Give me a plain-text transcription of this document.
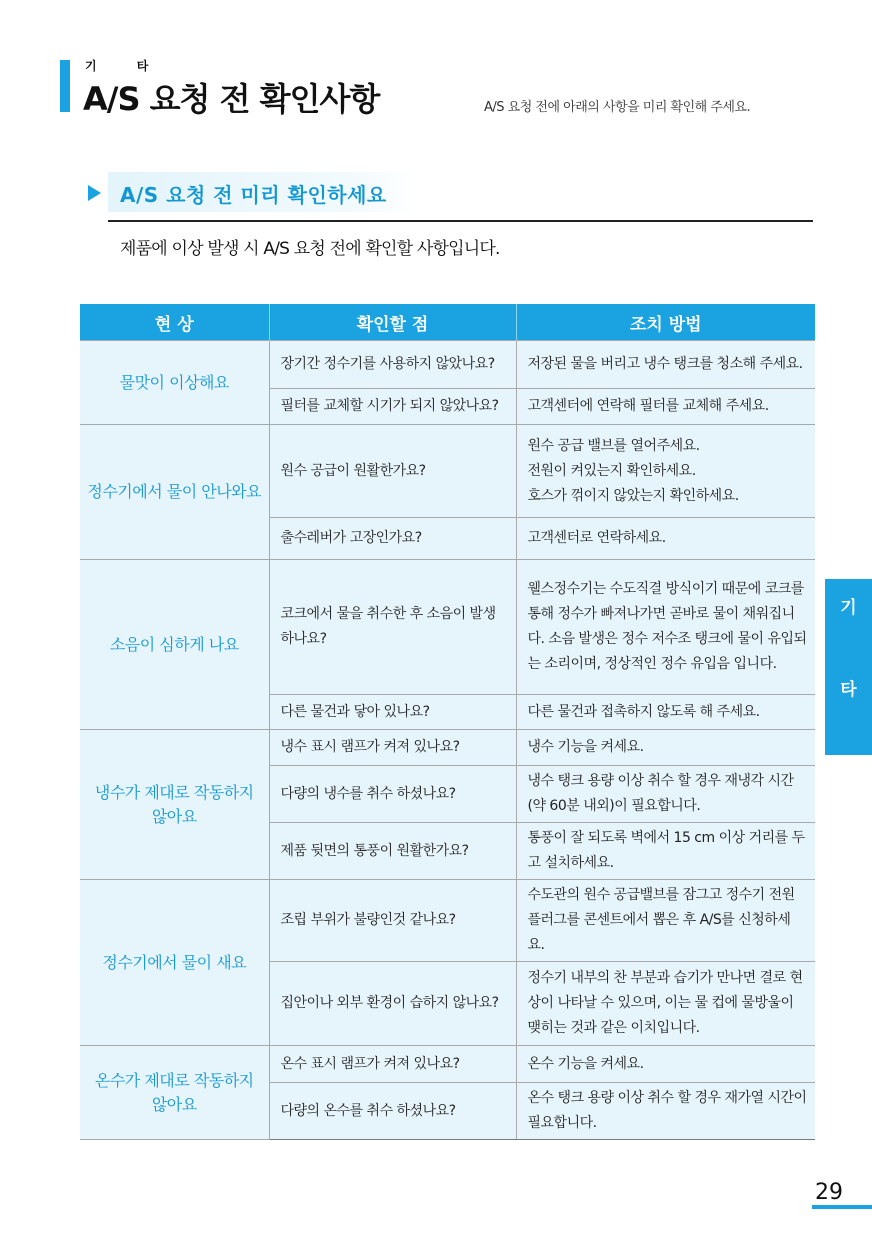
기 타
A/S 요청 전 확인사항	A/S 요청 전에 아래의 사항을 미리 확인해 주세요.
A/S 요청 전 미리 확인하세요
제품에 이상 발생 시 A/S 요청 전에 확인할 사항입니다.
현 상	확인할 점	조치 방법
물맛이 이상해요	장기간 정수기를 사용하지 않았나요?	저장된 물을 버리고 냉수 탱크를 청소해 주세요.

	필터를 교체할 시기가 되지 않았나요?	고객센터에 연락해 필터를 교체해 주세요.

정수기에서 물이 안나와요	원수 공급이 원활한가요?	원수 공급 밸브를 열어주세요.
전원이 켜있는지 확인하세요.
호스가 꺾이지 않았는지 확인하세요.

	출수레버가 고장인가요?	고객센터로 연락하세요.

소음이 심하게 나요	코크에서 물을 취수한 후 소음이 발생하나요?	웰스정수기는 수도직결 방식이기 때문에 코크를 통해 정수가 빠져나가면 곧바로 물이 채워집니다. 소음 발생은 정수 저수조 탱크에 물이 유입되는 소리이며, 정상적인 정수 유입음 입니다.

	다른 물건과 닿아 있나요?	다른 물건과 접촉하지 않도록 해 주세요.

냉수가 제대로 작동하지 않아요	냉수 표시 램프가 켜져 있나요?	냉수 기능을 켜세요.

	다량의 냉수를 취수 하셨나요?	냉수 탱크 용량 이상 취수 할 경우 재냉각 시간(약 60분 내외)이 필요합니다.

	제품 뒷면의 통풍이 원활한가요?	통풍이 잘 되도록 벽에서 15 cm 이상 거리를 두고 설치하세요.

정수기에서 물이 새요	조립 부위가 불량인것 같나요?	수도관의 원수 공급밸브를 잠그고 정수기 전원플러그를 콘센트에서 뽑은 후 A/S를 신청하세요.

	집안이나 외부 환경이 습하지 않나요?	정수기 내부의 찬 부분과 습기가 만나면 결로 현상이 나타날 수 있으며, 이는 물 컵에 물방울이 맺히는 것과 같은 이치입니다.

온수가 제대로 작동하지 않아요	온수 표시 램프가 켜져 있나요?	온수 기능을 켜세요.

	다량의 온수를 취수 하셨나요?	온수 탱크 용량 이상 취수 할 경우 재가열 시간이 필요합니다.
기
타
29
